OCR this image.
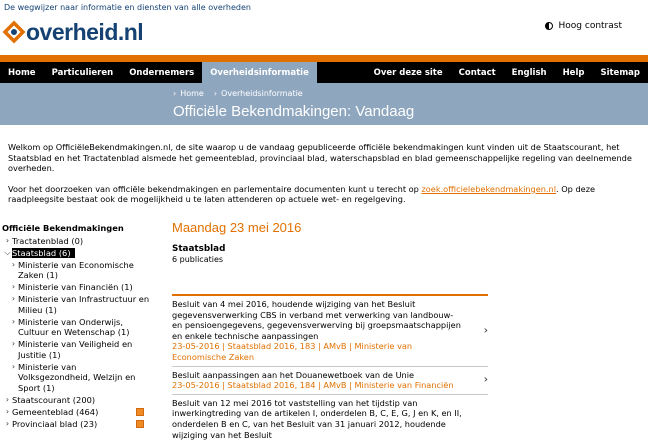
De wegwijzer naar informatie en diensten van alle overheden
overheid.nl	Hoog contrast
Home	Particulieren	Ondernemers	Overheidsinformatie	Over deze site	Contact	English	Help	Sitemap
› Home
›	Overheidsinformatie
Officiële Bekendmakingen: Vandaag

Welkom op OfficiëleBekendmakingen.nl, de site waarop u de vandaag gepubliceerde officiële bekendmakingen kunt vinden uit de Staatscourant, het Staatsblad en het Tractatenblad alsmede het gemeenteblad, provinciaal blad, waterschapsblad en blad gemeenschappelijke regeling van deelnemende overheden.

Voor het doorzoeken van officiële bekendmakingen en parlementaire documenten kunt u terecht op zoek.officielebekendmakingen.nl. Op deze raadpleegsite bestaat ook de mogelijkheid u te laten attenderen op actuele wet- en regelgeving.

Officiële Bekendmakingen
› Tractatenblad (0)
⌵ Staatsblad (6)
› Ministerie van Economische Zaken (1)
› Ministerie van Financiën (1)
› Ministerie van Infrastructuur en Milieu (1)
› Ministerie van Onderwijs, Cultuur en Wetenschap (1)
› Ministerie van Veiligheid en Justitie (1)
› Ministerie van Volksgezondheid, Welzijn en Sport (1)
› Staatscourant (200)
› Gemeenteblad (464)
› Provinciaal blad (23)
Maandag 23 mei 2016
Staatsblad
6 publicaties
Besluit van 4 mei 2016, houdende wijziging van het Besluit gegevensverwerking CBS in verband met verwerking van landbouw- en pensioengegevens, gegevensverwerving bij groepsmaatschappijen en enkele technische aanpassingen
23-05-2016 | Staatsblad 2016, 183 | AMvB | Ministerie van Economische Zaken
›
Besluit aanpassingen aan het Douanewetboek van de Unie
23-05-2016 | Staatsblad 2016, 184 | AMvB | Ministerie van Financiën	›
Besluit van 12 mei 2016 tot vaststelling van het tijdstip van inwerkingtreding van de artikelen I, onderdelen B, C, E, G, J en K, en II, onderdelen B en C, van het Besluit van 31 januari 2012, houdende wijziging van het Besluit
